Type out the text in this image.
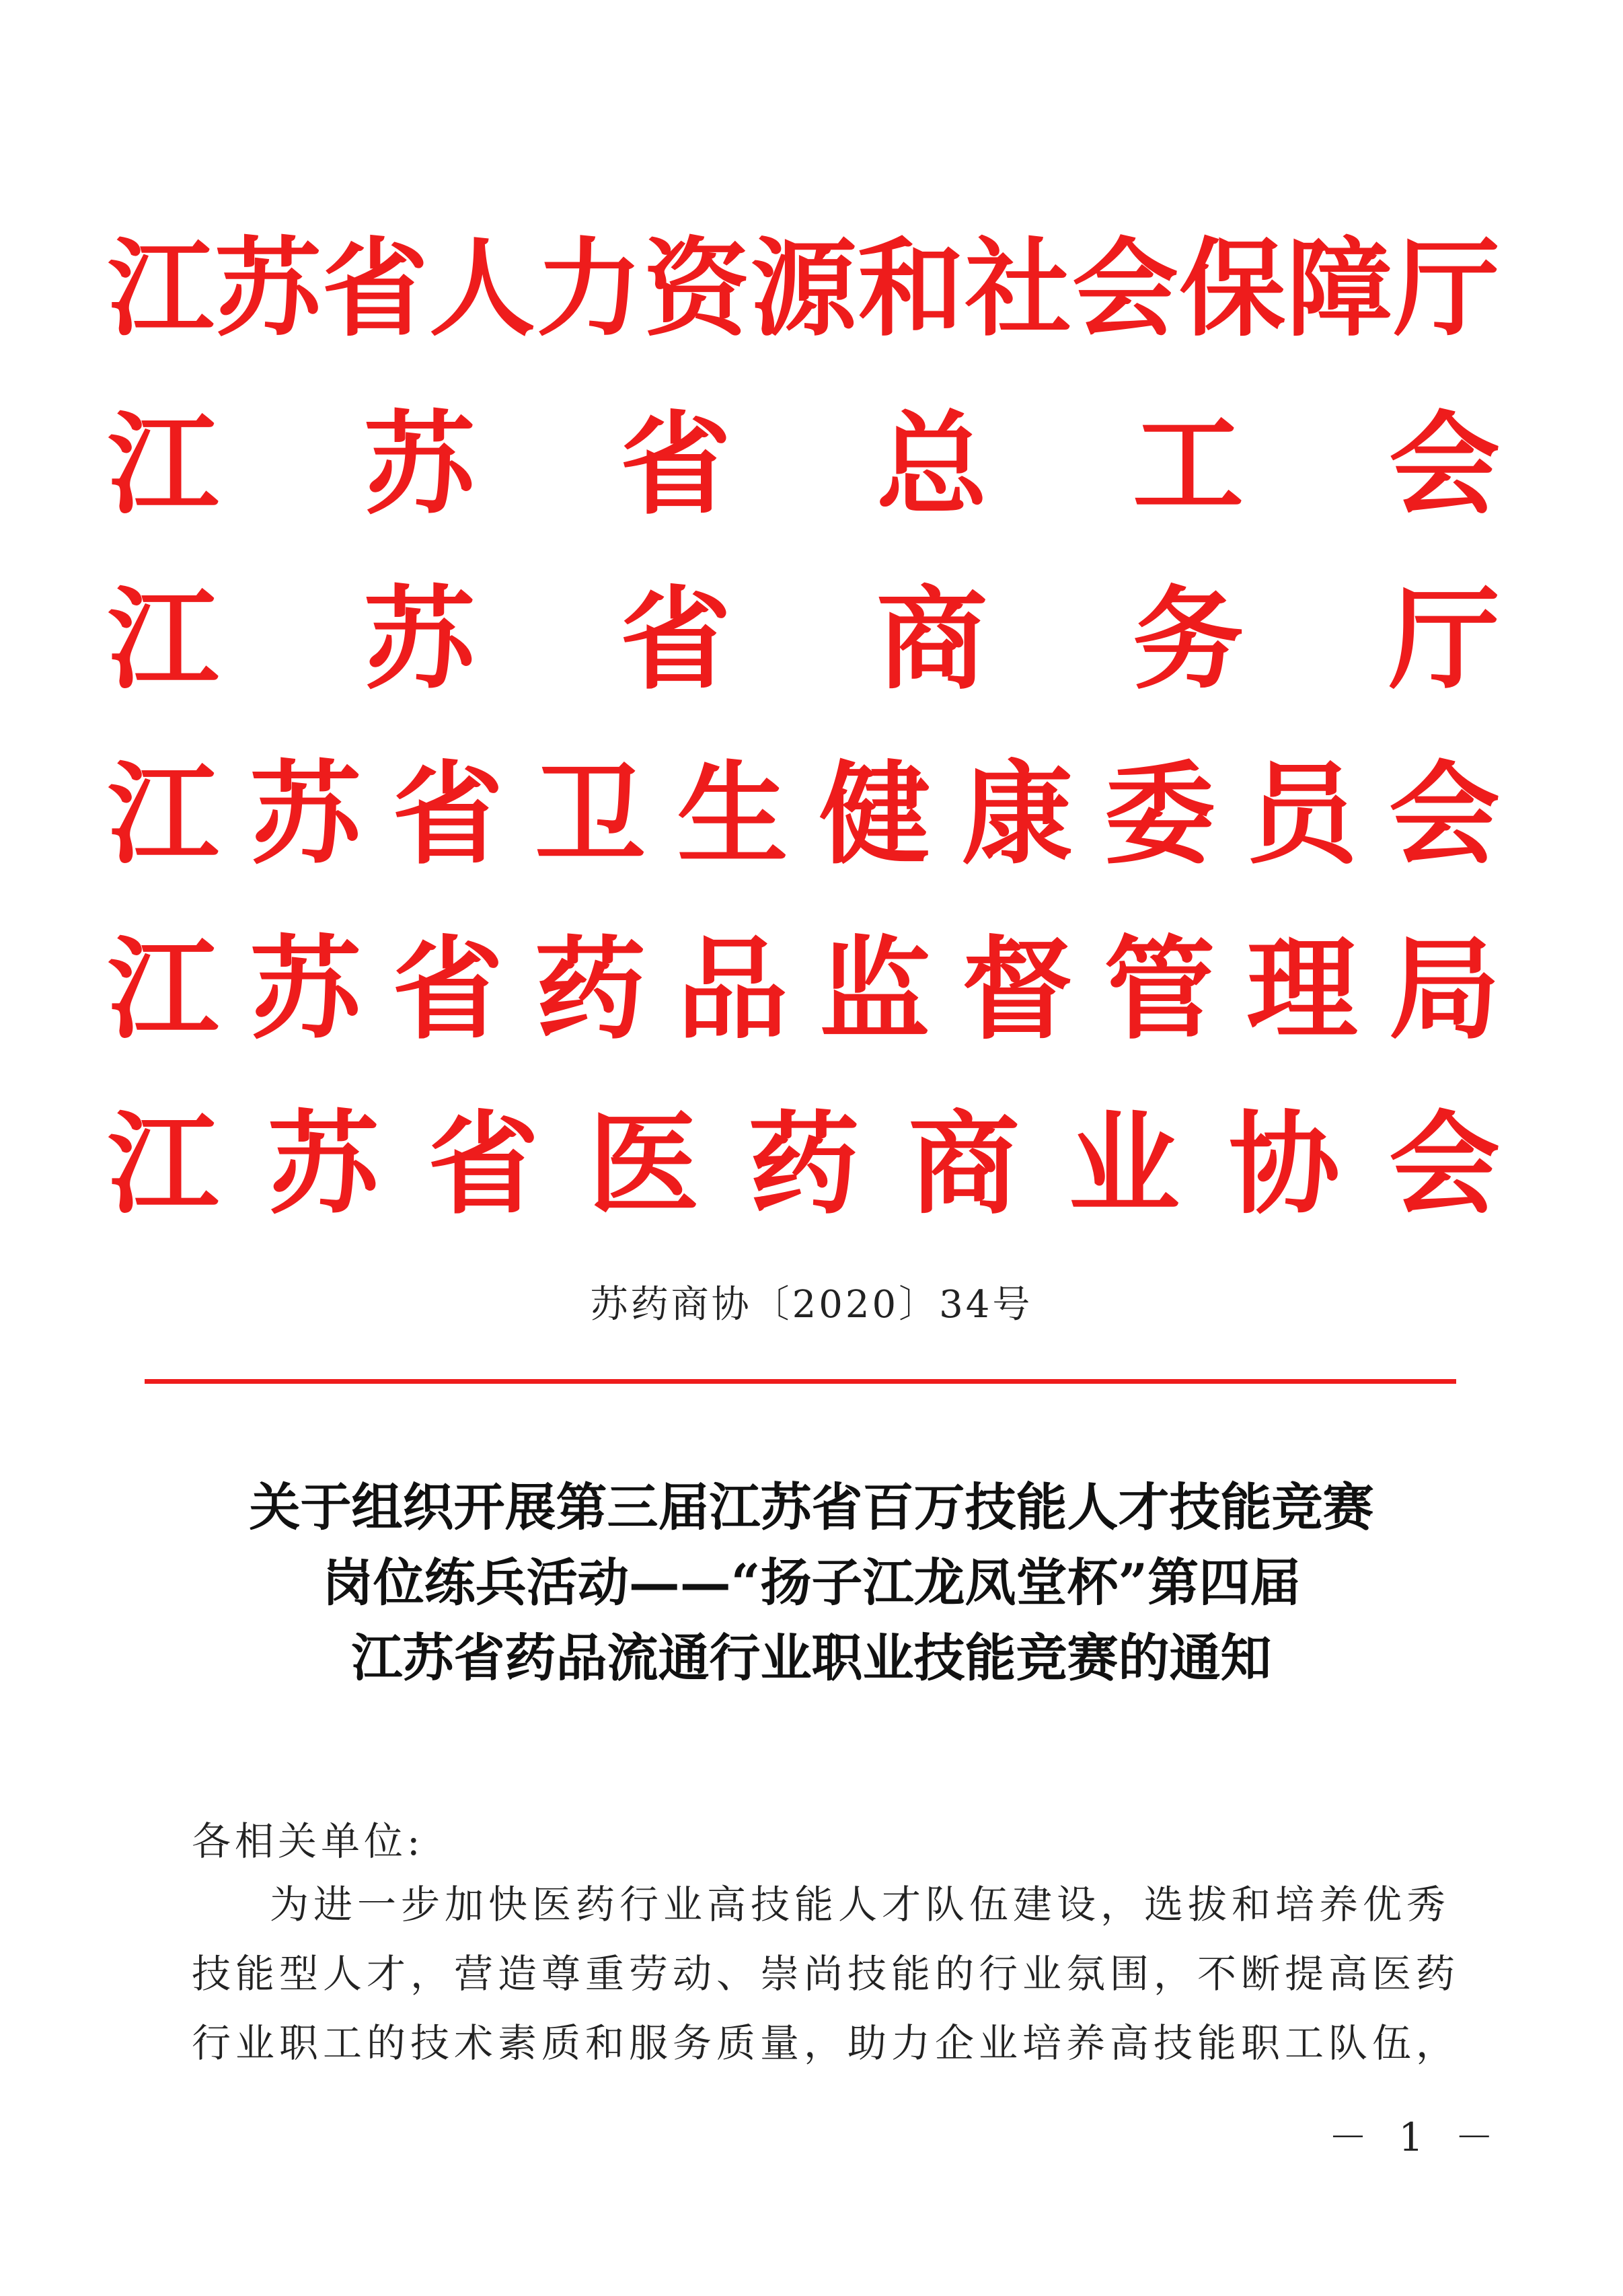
江 苏 省 人 力 资 源 和 社 会 保 障 厅
江 苏 省 总 工 会
江 苏 省 商 务 厅
江 苏 省 卫 生 健 康 委 员 会
江 苏 省 药 品 监 督 管 理 局
江 苏 省 医 药 商 业 协 会
苏药商协〔2020〕34号
关于组织开展第三届江苏省百万技能人才技能竞赛
岗位练兵活动——“扬子江龙凤堂杯”第四届
江苏省药品流通行业职业技能竞赛的通知
各相关单位:
为进一步加快医药行业高技能人才队伍建设，选拔和培养优秀
技能型人才，营造尊重劳动、崇尚技能的行业氛围，不断提高医药
行业职工的技术素质和服务质量，助力企业培养高技能职工队伍，
－ 1 －
